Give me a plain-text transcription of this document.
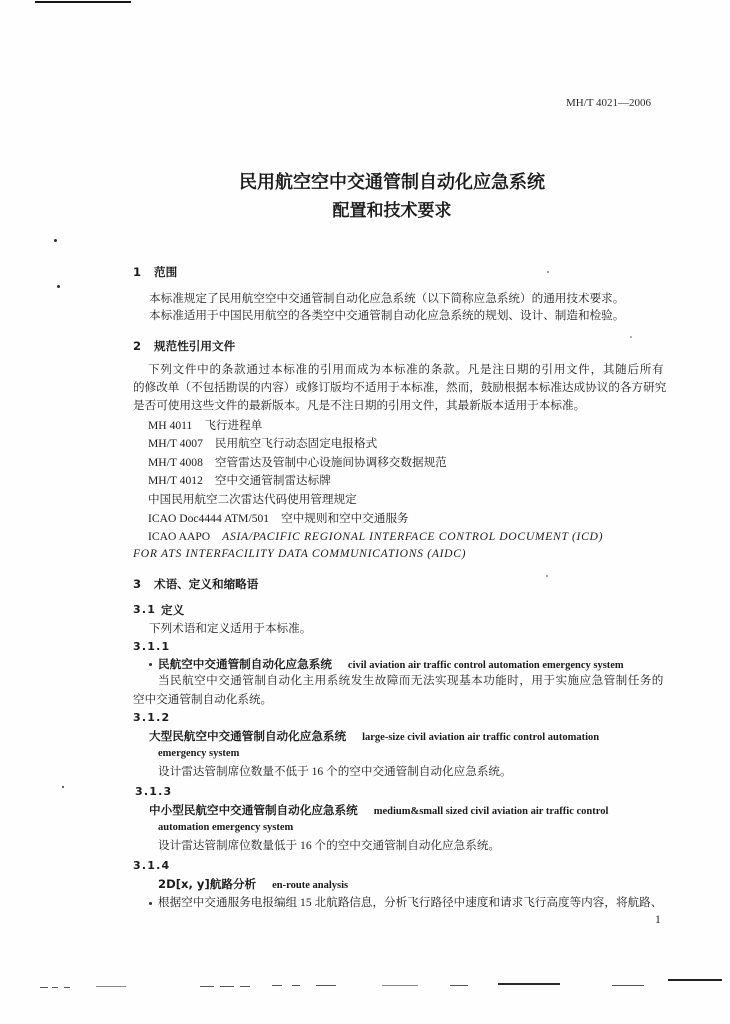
MH/T 4021—2006
民用航空空中交通管制自动化应急系统
配置和技术要求
1 范围
本标准规定了民用航空空中交通管制自动化应急系统（以下简称应急系统）的通用技术要求。
本标准适用于中国民用航空的各类空中交通管制自动化应急系统的规划、设计、制造和检验。
2 规范性引用文件
下列文件中的条款通过本标准的引用而成为本标准的条款。凡是注日期的引用文件，其随后所有
的修改单（不包括勘误的内容）或修订版均不适用于本标准，然而，鼓励根据本标准达成协议的各方研究
是否可使用这些文件的最新版本。凡是不注日期的引用文件，其最新版本适用于本标准。
MH 4011 飞行进程单
MH/T 4007 民用航空飞行动态固定电报格式
MH/T 4008 空管雷达及管制中心设施间协调移交数据规范
MH/T 4012 空中交通管制雷达标牌
中国民用航空二次雷达代码使用管理规定
ICAO Doc4444 ATM/501 空中规则和空中交通服务
ICAO AAPO ASIA/PACIFIC REGIONAL INTERFACE CONTROL DOCUMENT (ICD)
FOR ATS INTERFACILITY DATA COMMUNICATIONS (AIDC)
3 术语、定义和缩略语
3.1 定义
下列术语和定义适用于本标准。
3.1.1
民航空中交通管制自动化应急系统 civil aviation air traffic control automation emergency system
当民航空中交通管制自动化主用系统发生故障而无法实现基本功能时，用于实施应急管制任务的
空中交通管制自动化系统。
3.1.2
大型民航空中交通管制自动化应急系统 large-size civil aviation air traffic control automation
emergency system
设计雷达管制席位数量不低于 16 个的空中交通管制自动化应急系统。
3.1.3
中小型民航空中交通管制自动化应急系统 medium&small sized civil aviation air traffic control
automation emergency system
设计雷达管制席位数量低于 16 个的空中交通管制自动化应急系统。
3.1.4
2D[x, y]航路分析 en-route analysis
根据空中交通服务电报编组 15 北航路信息，分析飞行路径中速度和请求飞行高度等内容，将航路、
1
